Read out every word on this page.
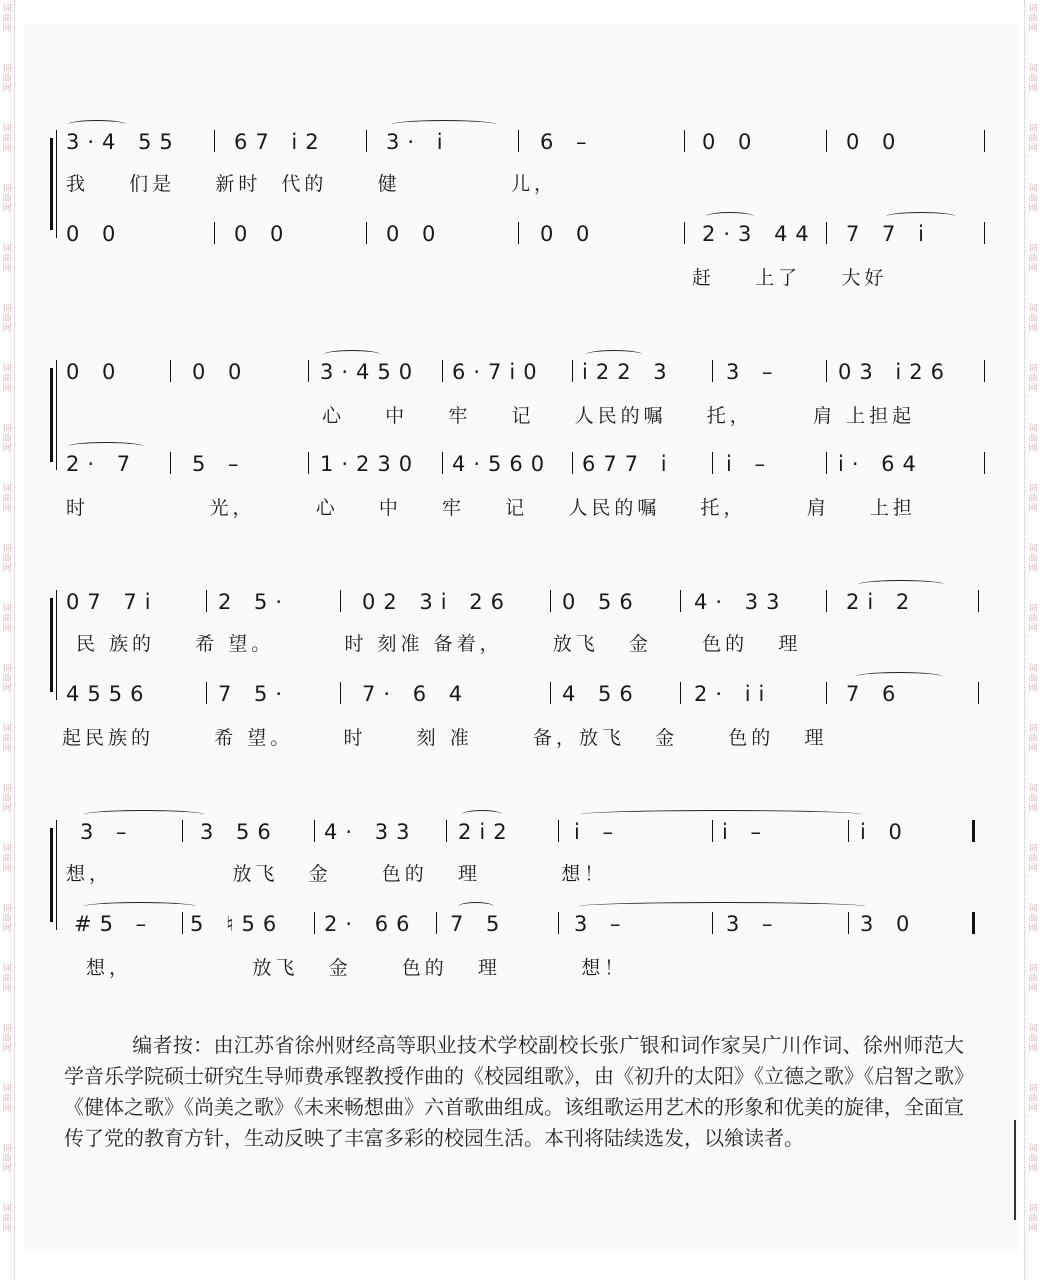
词曲网
词曲网
词曲网
词曲网
词曲网
词曲网
词曲网
词曲网
词曲网
词曲网
词曲网
词曲网
词曲网
词曲网
词曲网
词曲网
词曲网
词曲网
词曲网
词曲网
词曲网
词曲网
词曲网
词曲网
词曲网
词曲网
词曲网
词曲网
词曲网
词曲网
词曲网
词曲网
词曲网
词曲网
词曲网
词曲网
词曲网
词曲网
词曲网
词曲网
词曲网
词曲网
3·4 55	67 i2	3· i	6 –	0 0	0 0
我    们是    新时  代的     健           儿，
0 0	0 0	0 0	0 0	2·3 44 7 7 i
赶    上了    大好
0 0	0 0	3·450 6·7i0 i22 3 3 –	03 i26
心    中    牢    记    人民的嘱    托，      肩 上担起
2· 7	5 –	1·230 4·560 677 i i –	i· 64
时            光，      心    中    牢    记    人民的嘱    托，      肩    上担
07 7i	2 5·	02 3i 26 0 56	4· 33	2i 2
民 族的    希 望。       时 刻准 备着，     放飞   金     色的   理
4556	7 5·	7· 6 4	4 56	2· ii	7 6
起民族的      希 望。     时     刻 准      备，放飞   金     色的   理
3 –	3 56 4· 33 2i2	i –	i –	i 0
想，            放飞   金     色的   理        想！
#5 – 5 ♮56 2· 66 7 5	3 –	3 –	3 0
想，            放飞   金     色的   理        想！
编者按：由江苏省徐州财经高等职业技术学校副校长张广银和词作家吴广川作词、徐州师范大学音乐学院硕士研究生导师费承铿教授作曲的《校园组歌》，由《初升的太阳》《立德之歌》《启智之歌》《健体之歌》《尚美之歌》《未来畅想曲》六首歌曲组成。该组歌运用艺术的形象和优美的旋律，全面宣传了党的教育方针，生动反映了丰富多彩的校园生活。本刊将陆续选发，以飨读者。
